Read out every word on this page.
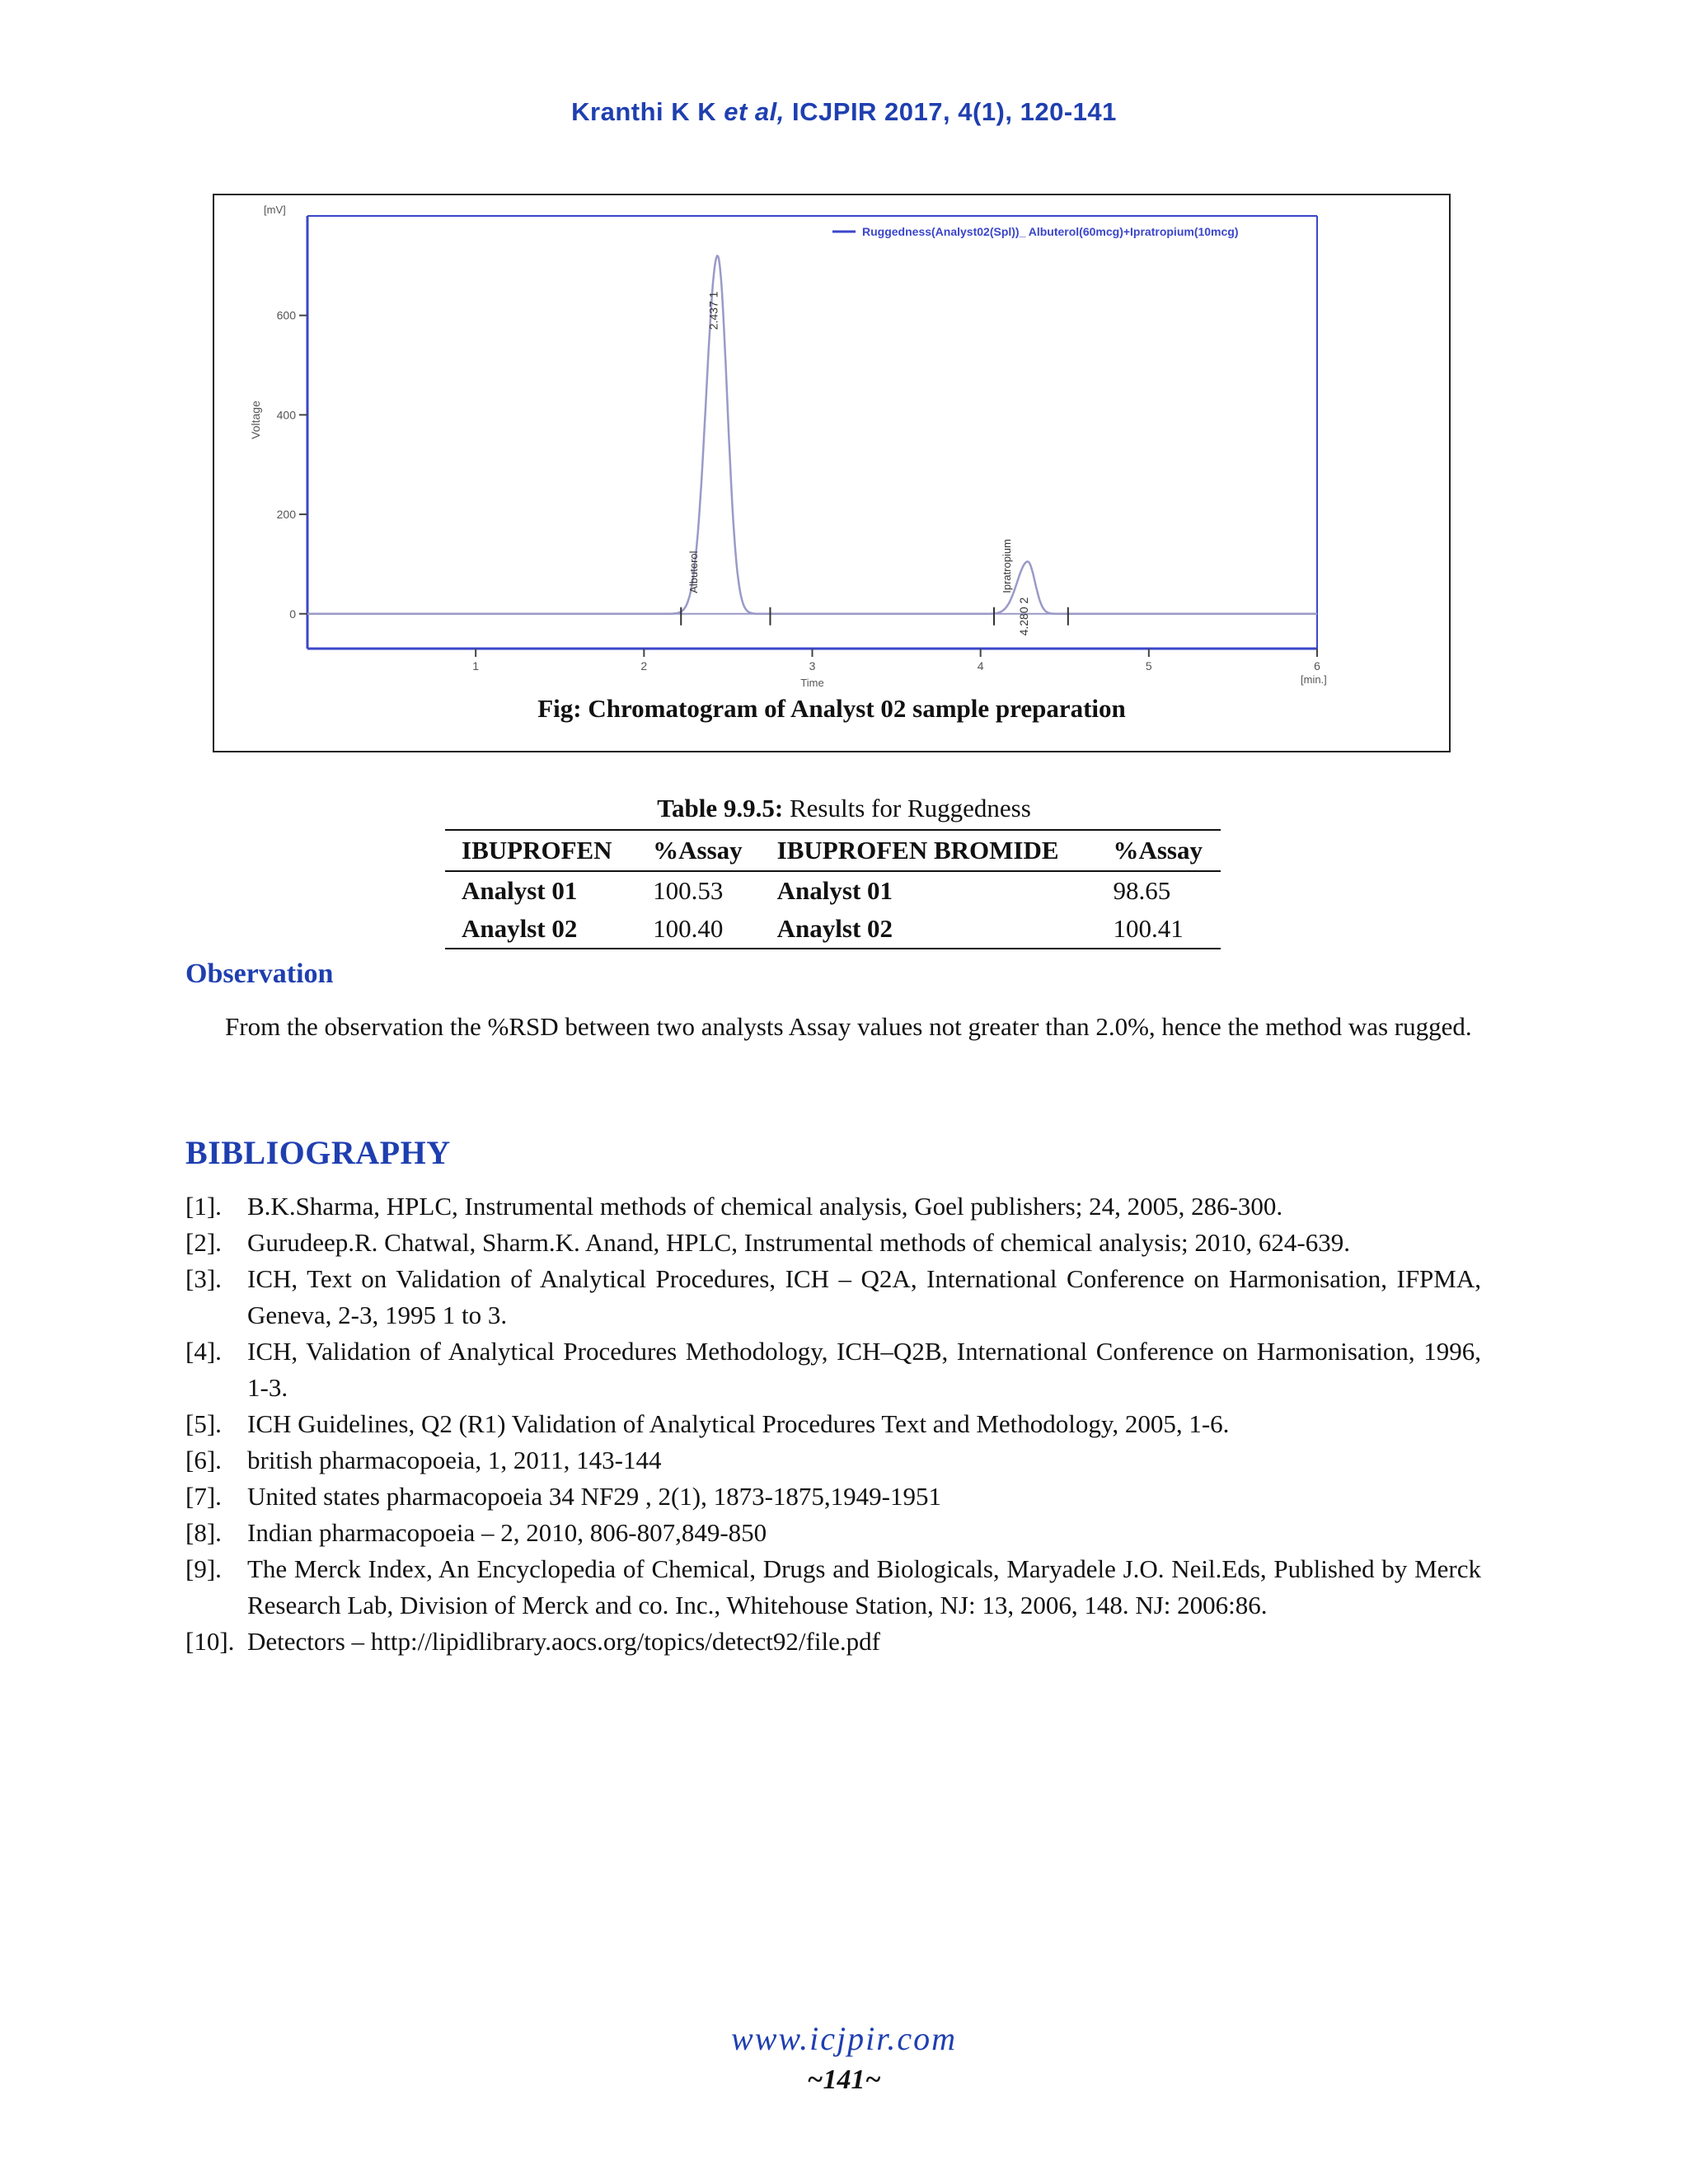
Kranthi K K et al, ICJPIR 2017, 4(1), 120-141
0
200
400
600
1	2	3	4	5	6
[mV]
[min.]
Time
Voltage
Ruggedness(Analyst02(Spl))_ Albuterol(60mcg)+Ipratropium(10mcg)
2.437 1
Albuterol
4.280 2
Ipratropium
Fig: Chromatogram of Analyst 02 sample preparation
Table 9.9.5: Results for Ruggedness
IBUPROFEN	%Assay	IBUPROFEN BROMIDE	%Assay
Analyst 01	100.53	Analyst 01	98.65
Anaylst 02	100.40	Anaylst 02	100.41
Observation
From the observation the %RSD between two analysts Assay values not greater than 2.0%, hence the method was rugged.
BIBLIOGRAPHY
[1]. B.K.Sharma, HPLC, Instrumental methods of chemical analysis, Goel publishers; 24, 2005, 286-300.
[2]. Gurudeep.R. Chatwal, Sharm.K. Anand, HPLC, Instrumental methods of chemical analysis; 2010, 624-639.
[3]. ICH, Text on Validation of Analytical Procedures, ICH – Q2A, International Conference on Harmonisation, IFPMA, Geneva, 2-3, 1995 1 to 3.
[4]. ICH, Validation of Analytical Procedures Methodology, ICH–Q2B, International Conference on Harmonisation, 1996, 1-3.
[5]. ICH Guidelines, Q2 (R1) Validation of Analytical Procedures Text and Methodology, 2005, 1-6.
[6]. british pharmacopoeia, 1, 2011, 143-144
[7]. United states pharmacopoeia 34 NF29 , 2(1), 1873-1875,1949-1951
[8]. Indian pharmacopoeia – 2, 2010, 806-807,849-850
[9]. The Merck Index, An Encyclopedia of Chemical, Drugs and Biologicals, Maryadele J.O. Neil.Eds, Published by Merck Research Lab, Division of Merck and co. Inc., Whitehouse Station, NJ: 13, 2006, 148. NJ: 2006:86.
[10]. Detectors – http://lipidlibrary.aocs.org/topics/detect92/file.pdf
www.icjpir.com
~141~
